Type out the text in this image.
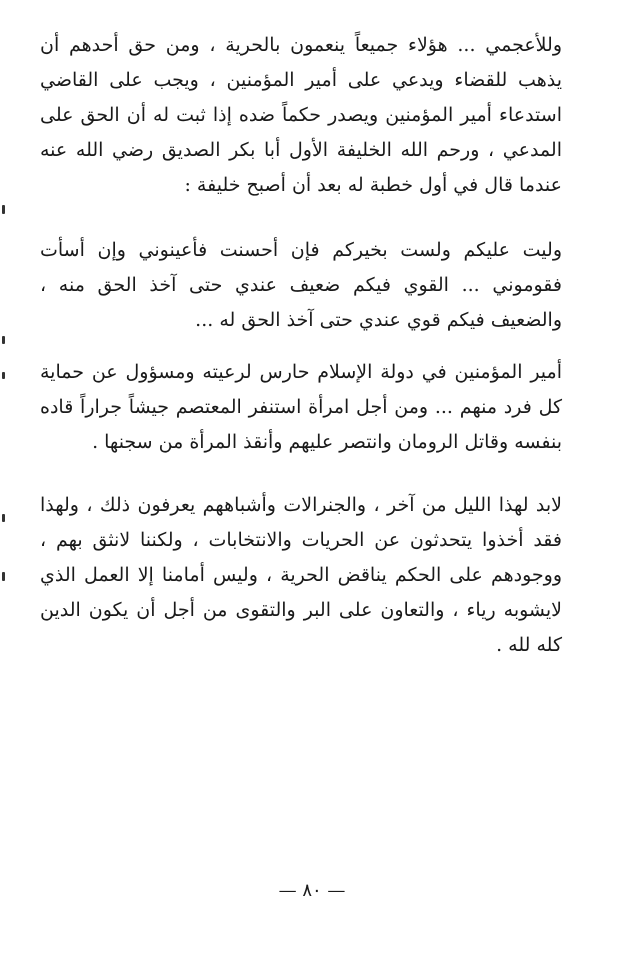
وللأعجمي ... هؤلاء جميعاً ينعمون بالحرية ، ومن حق أحدهم أن يذهب للقضاء ويدعي على أمير المؤمنين ، ويجب على القاضي استدعاء أمير المؤمنين ويصدر حكماً ضده إذا ثبت له أن الحق على المدعي ، ورحم الله الخليفة الأول أبا بكر الصديق رضي الله عنه عندما قال في أول خطبة له بعد أن أصبح خليفة :

وليت عليكم ولست بخيركم فإن أحسنت فأعينوني وإن أسأت فقوموني ... القوي فيكم ضعيف عندي حتى آخذ الحق منه ، والضعيف فيكم قوي عندي حتى آخذ الحق له ...

أمير المؤمنين في دولة الإسلام حارس لرعيته ومسؤول عن حماية كل فرد منهم ... ومن أجل امرأة استنفر المعتصم جيشاً جراراً قاده بنفسه وقاتل الرومان وانتصر عليهم وأنقذ المرأة من سجنها .

لابد لهذا الليل من آخر ، والجنرالات وأشباههم يعرفون ذلك ، ولهذا فقد أخذوا يتحدثون عن الحريات والانتخابات ، ولكننا لانثق بهم ، ووجودهم على الحكم يناقض الحرية ، وليس أمامنا إلا العمل الذي لايشوبه رياء ، والتعاون على البر والتقوى من أجل أن يكون الدين كله لله .

— ٨٠ —
